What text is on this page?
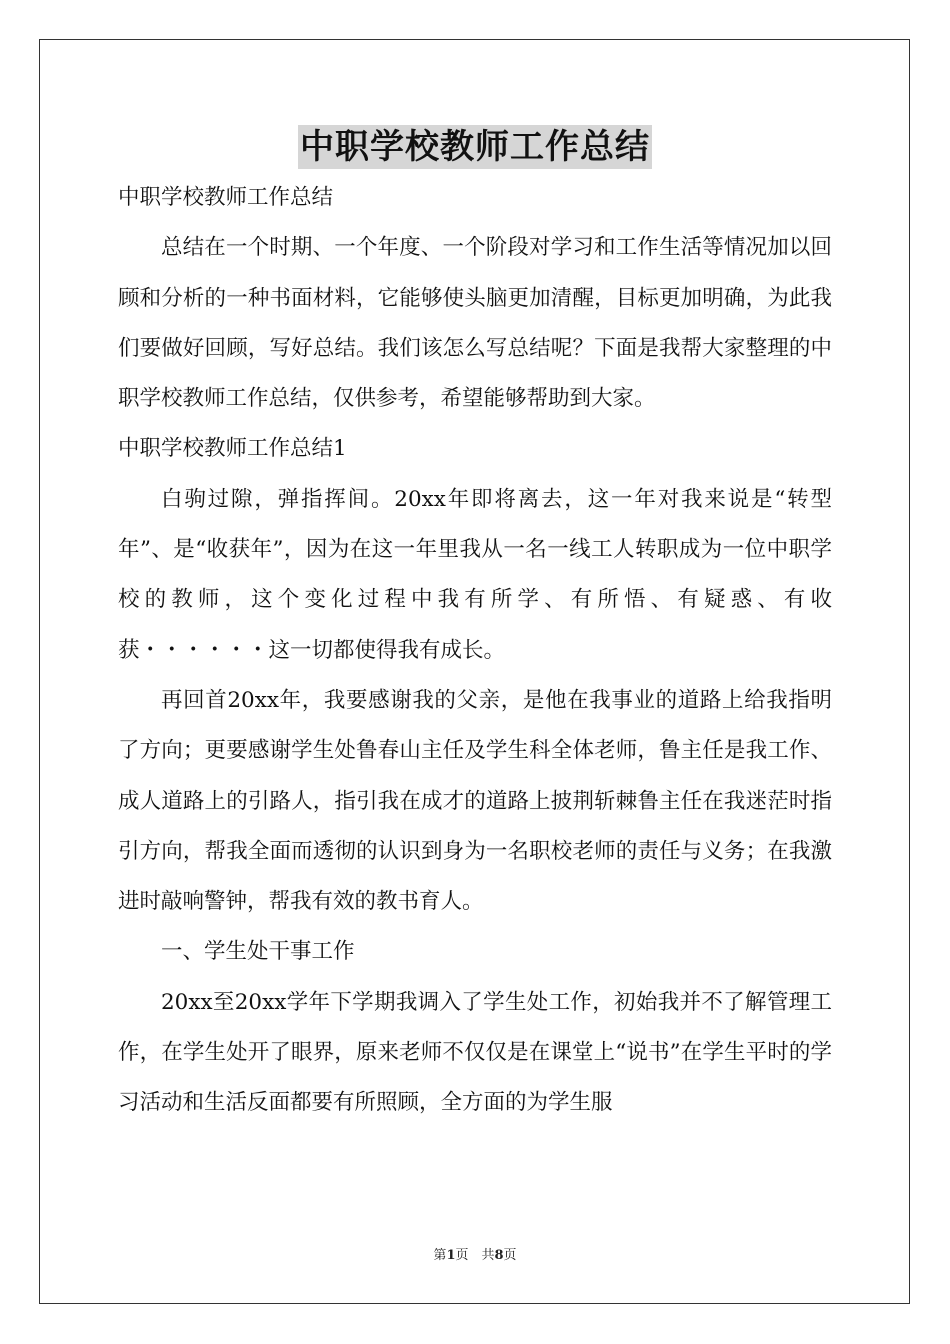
中职学校教师工作总结

中职学校教师工作总结

总结在一个时期、一个年度、一个阶段对学习和工作生活等情况加以回顾和分析的一种书面材料，它能够使头脑更加清醒，目标更加明确，为此我们要做好回顾，写好总结。我们该怎么写总结呢？下面是我帮大家整理的中职学校教师工作总结，仅供参考，希望能够帮助到大家。

中职学校教师工作总结1

白驹过隙，弹指挥间。20xx年即将离去，这一年对我来说是“转型年”、是“收获年”，因为在这一年里我从一名一线工人转职成为一位中职学校的教师，这个变化过程中我有所学、有所悟、有疑惑、有收获・・・・・・这一切都使得我有成长。

再回首20xx年，我要感谢我的父亲，是他在我事业的道路上给我指明了方向；更要感谢学生处鲁春山主任及学生科全体老师，鲁主任是我工作、成人道路上的引路人，指引我在成才的道路上披荆斩棘鲁主任在我迷茫时指引方向，帮我全面而透彻的认识到身为一名职校老师的责任与义务；在我激进时敲响警钟，帮我有效的教书育人。

一、学生处干事工作

20xx至20xx学年下学期我调入了学生处工作，初始我并不了解管理工作，在学生处开了眼界，原来老师不仅仅是在课堂上“说书”在学生平时的学习活动和生活反面都要有所照顾，全方面的为学生服

第1页　共8页
